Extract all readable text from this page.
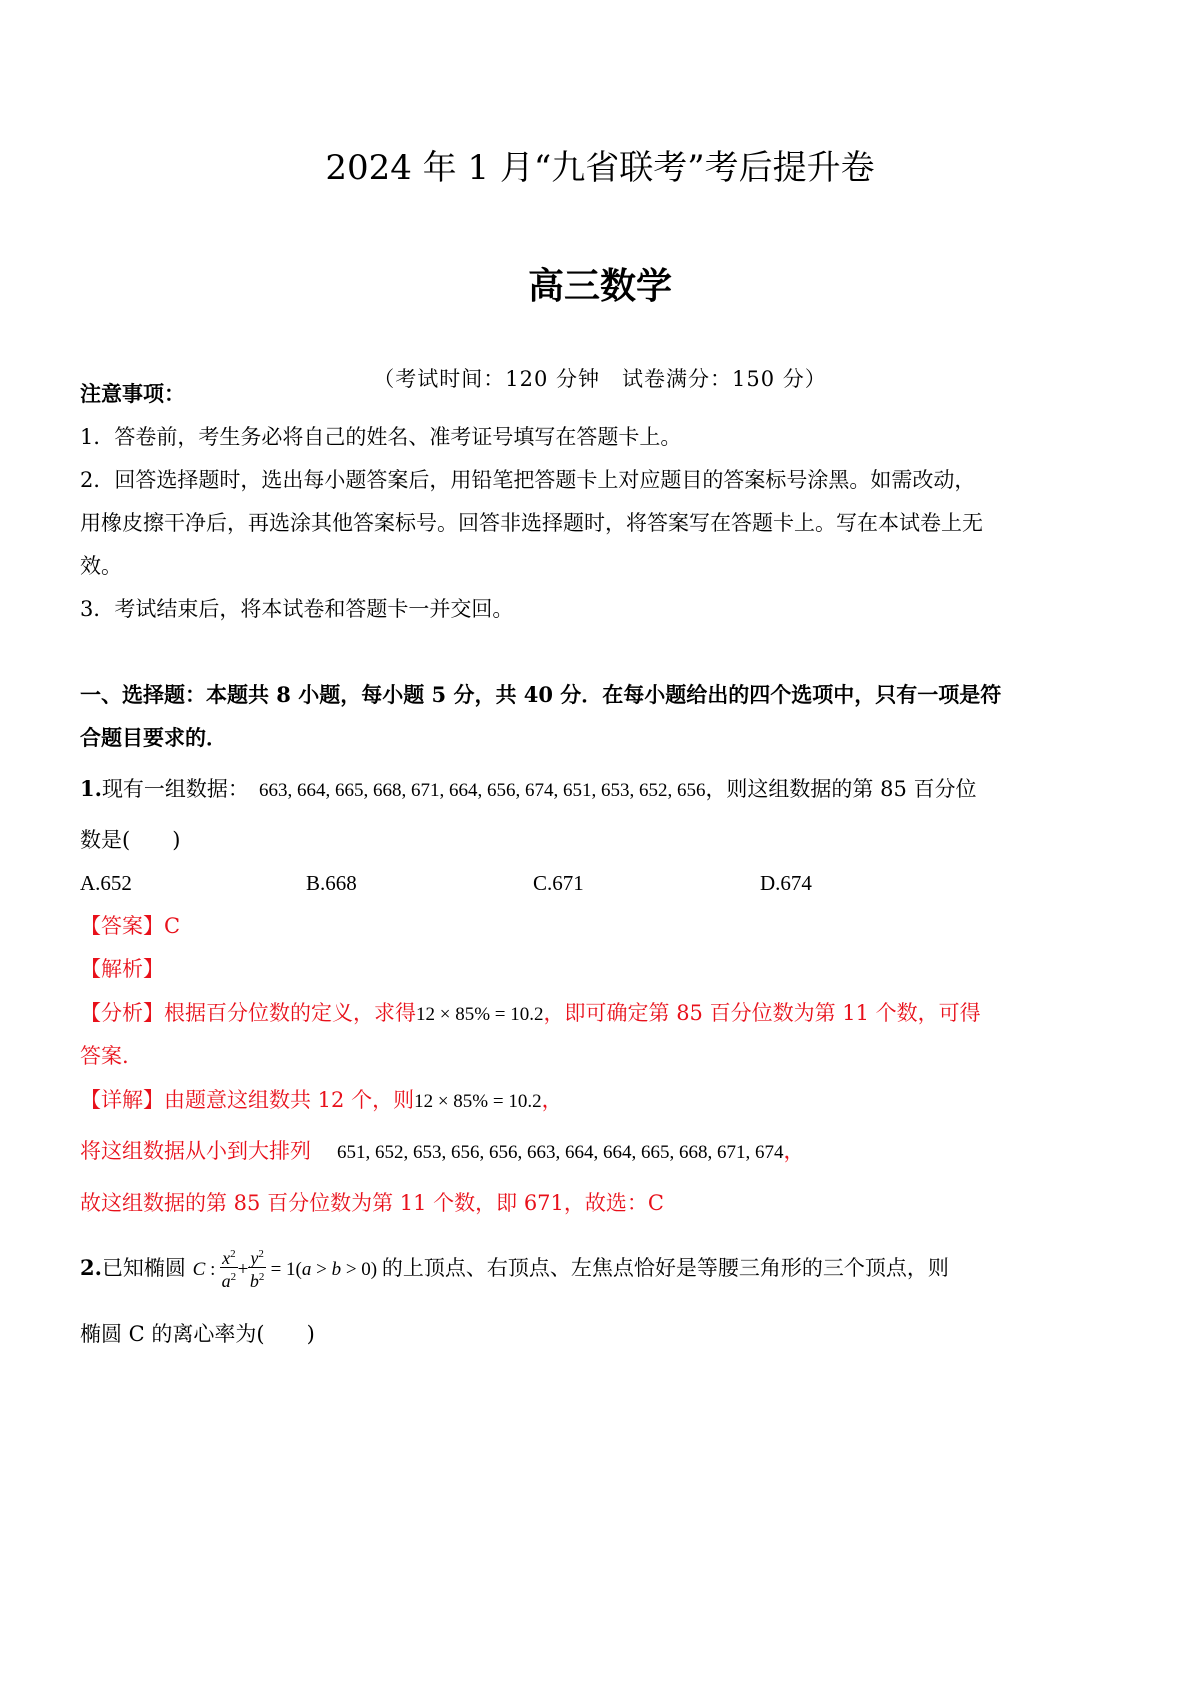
2024 年 1 月“九省联考”考后提升卷
高三数学
（考试时间：120 分钟　试卷满分：150 分）
注意事项：
1．答卷前，考生务必将自己的姓名、准考证号填写在答题卡上。
2．回答选择题时，选出每小题答案后，用铅笔把答题卡上对应题目的答案标号涂黑。如需改动，
用橡皮擦干净后，再选涂其他答案标号。回答非选择题时，将答案写在答题卡上。写在本试卷上无
效。
3．考试结束后，将本试卷和答题卡一并交回。
一、选择题：本题共 8 小题，每小题 5 分，共 40 分．在每小题给出的四个选项中，只有一项是符
合题目要求的．
1.现有一组数据： 663, 664, 665, 668, 671, 664, 656, 674, 651, 653, 652, 656，则这组数据的第 85 百分位
数是(　　)
A.652	B.668	C.671	D.674
【答案】C
【解析】
【分析】根据百分位数的定义，求得12 × 85% = 10.2，即可确定第 85 百分位数为第 11 个数，可得
答案.
【详解】由题意这组数共 12 个，则12 × 85% = 10.2，
将这组数据从小到大排列 651, 652, 653, 656, 656, 663, 664, 664, 665, 668, 671, 674，
故这组数据的第 85 百分位数为第 11 个数，即 671，故选：C
2.已知椭圆 C : $\frac{x^2}{a^2} + \frac{y^2}{b^2} = 1(a > b > 0)$ 的上顶点、右顶点、左焦点恰好是等腰三角形的三个顶点，则
椭圆 C 的离心率为(　　)
